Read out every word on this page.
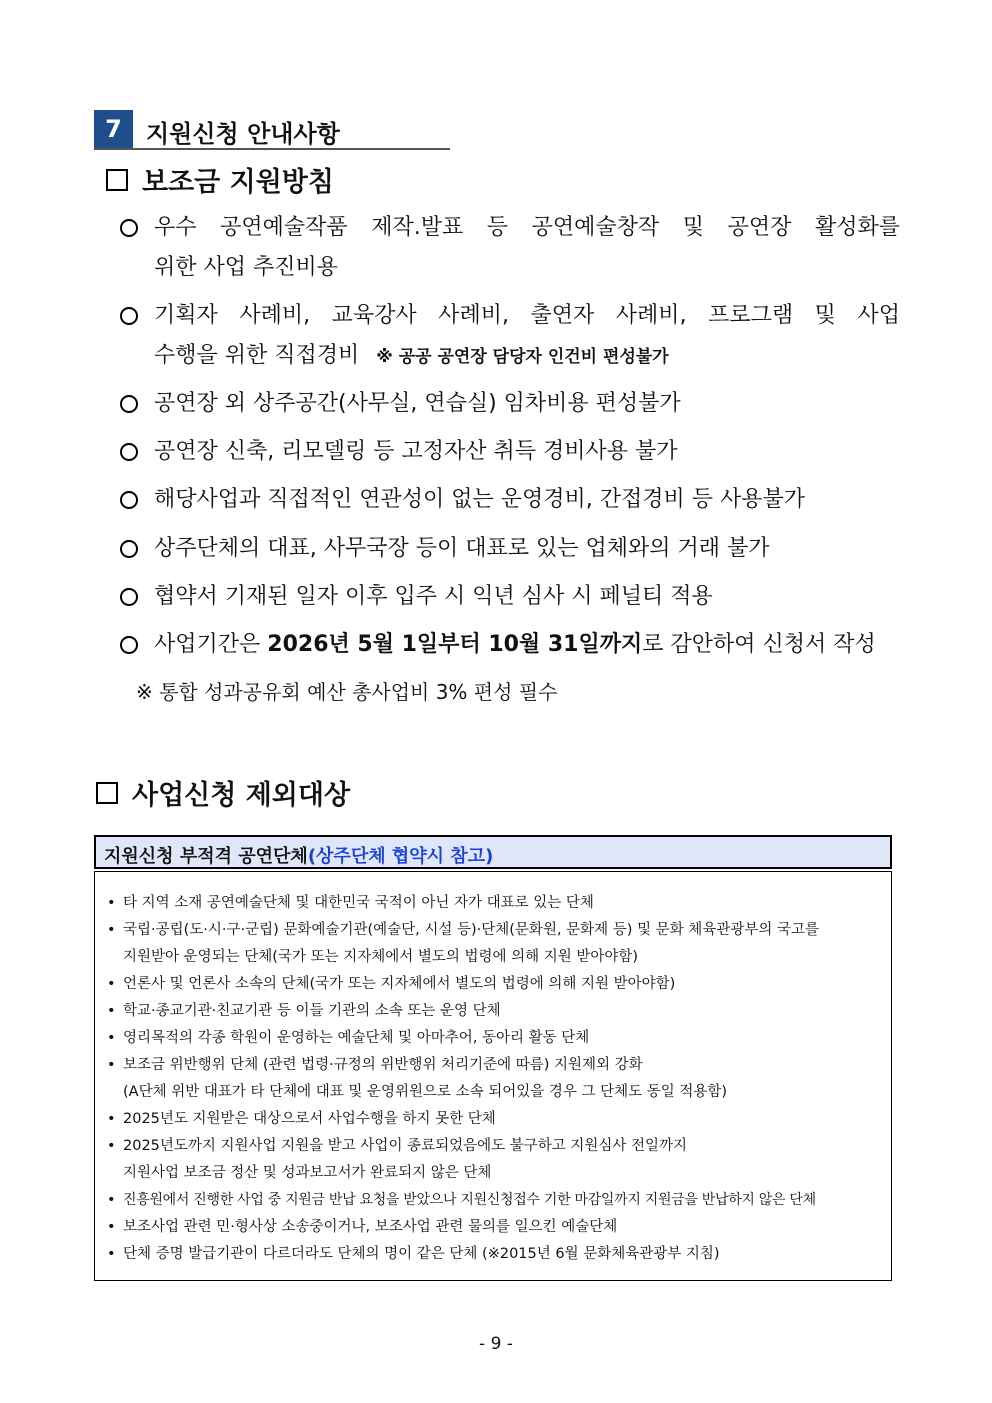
7	지원신청 안내사항
보조금 지원방침
우수 공연예술작품 제작.발표 등 공연예술창작 및 공연장 활성화를
위한 사업 추진비용
기획자 사례비, 교육강사 사례비, 출연자 사례비, 프로그램 및 사업
수행을 위한 직접경비 ※ 공공 공연장 담당자 인건비 편성불가
공연장 외 상주공간(사무실, 연습실) 임차비용 편성불가
공연장 신축, 리모델링 등 고정자산 취득 경비사용 불가
해당사업과 직접적인 연관성이 없는 운영경비, 간접경비 등 사용불가
상주단체의 대표, 사무국장 등이 대표로 있는 업체와의 거래 불가
협약서 기재된 일자 이후 입주 시 익년 심사 시 페널티 적용
사업기간은 2026년 5월 1일부터 10월 31일까지로 감안하여 신청서 작성
※ 통합 성과공유회 예산 총사업비 3% 편성 필수
사업신청 제외대상
지원신청 부적격 공연단체(상주단체 협약시 참고)
• 타 지역 소재 공연예술단체 및 대한민국 국적이 아닌 자가 대표로 있는 단체
• 국립·공립(도·시·구·군립) 문화예술기관(예술단, 시설 등)·단체(문화원, 문화제 등) 및 문화 체육관광부의 국고를
지원받아 운영되는 단체(국가 또는 지자체에서 별도의 법령에 의해 지원 받아야함)
• 언론사 및 언론사 소속의 단체(국가 또는 지자체에서 별도의 법령에 의해 지원 받아야함)
• 학교·종교기관·친교기관 등 이들 기관의 소속 또는 운영 단체
• 영리목적의 각종 학원이 운영하는 예술단체 및 아마추어, 동아리 활동 단체
• 보조금 위반행위 단체 (관련 법령·규정의 위반행위 처리기준에 따름) 지원제외 강화
(A단체 위반 대표가 타 단체에 대표 및 운영위원으로 소속 되어있을 경우 그 단체도 동일 적용함)
• 2025년도 지원받은 대상으로서 사업수행을 하지 못한 단체
• 2025년도까지 지원사업 지원을 받고 사업이 종료되었음에도 불구하고 지원심사 전일까지
지원사업 보조금 정산 및 성과보고서가 완료되지 않은 단체
• 진흥원에서 진행한 사업 중 지원금 반납 요청을 받았으나 지원신청접수 기한 마감일까지 지원금을 반납하지 않은 단체
• 보조사업 관련 민·형사상 소송중이거나, 보조사업 관련 물의를 일으킨 예술단체
• 단체 증명 발급기관이 다르더라도 단체의 명이 같은 단체 (※2015년 6월 문화체육관광부 지침)
- 9 -
